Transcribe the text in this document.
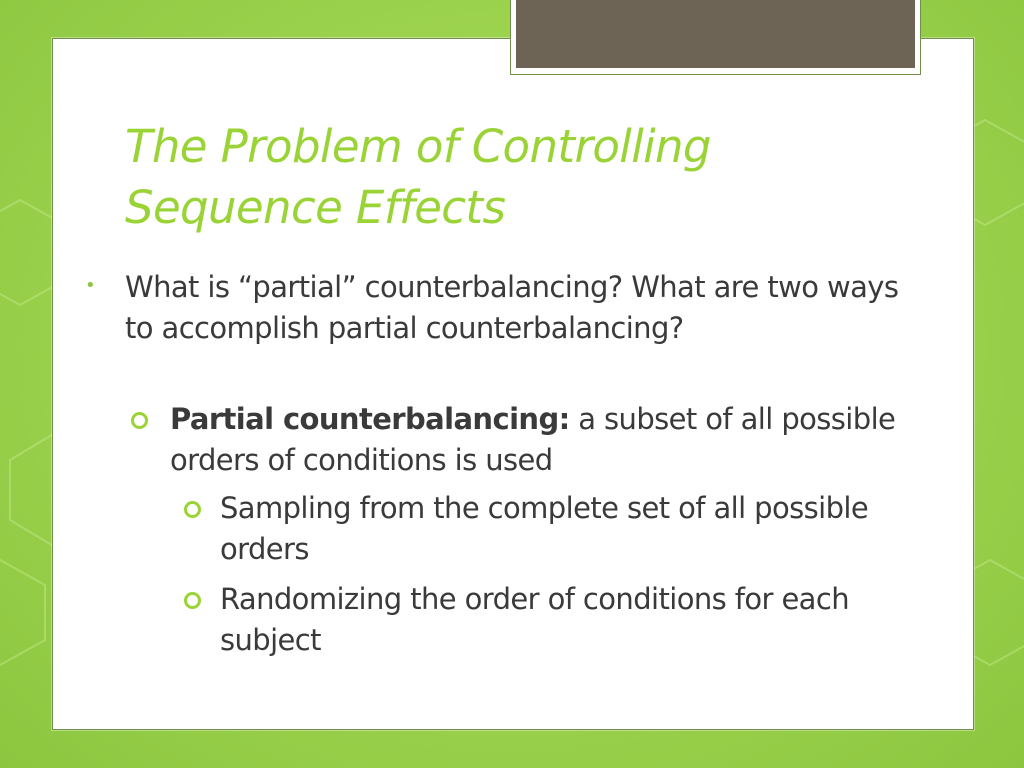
The Problem of Controlling
Sequence Effects
• What is “partial” counterbalancing? What are two ways to accomplish partial counterbalancing?
Partial counterbalancing: a subset of all possible orders of conditions is used
Sampling from the complete set of all possible orders
Randomizing the order of conditions for each subject
